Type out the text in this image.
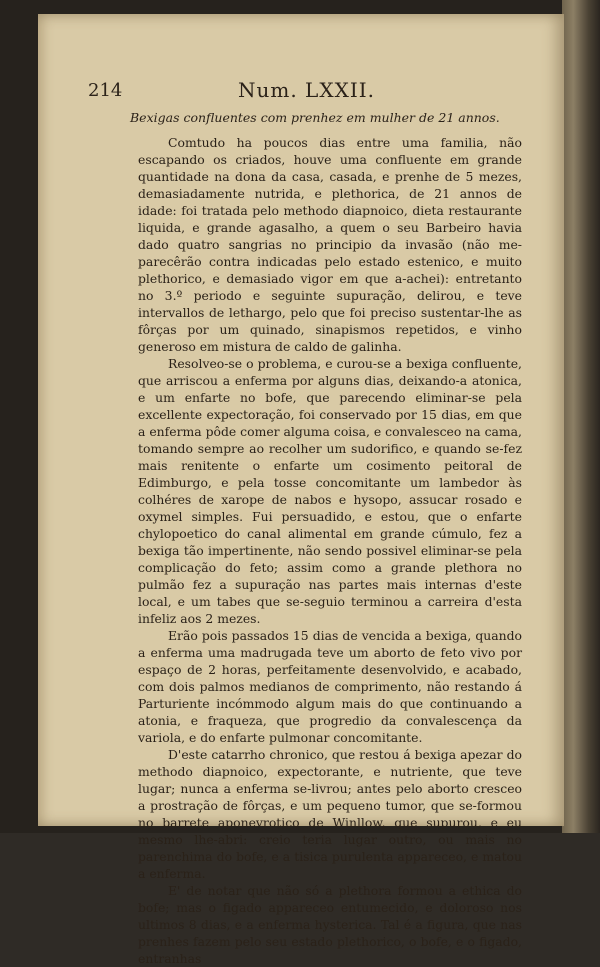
214	Num. LXXII.
Bexigas confluentes com prenhez em mulher de 21 annos.

Comtudo ha poucos dias entre uma familia, não escapando os criados, houve uma confluente em grande quantidade na dona da casa, casada, e prenhe de 5 mezes, demasiadamente nutrida, e plethorica, de 21 annos de idade: foi tratada pelo methodo diapnoico, dieta restaurante liquida, e grande agasalho, a quem o seu Barbeiro havia dado quatro sangrias no principio da invasão (não me-parecêrão contra indicadas pelo estado estenico, e muito plethorico, e demasiado vigor em que a-achei): entretanto no 3.º periodo e seguinte supuração, delirou, e teve intervallos de lethargo, pelo que foi preciso sustentar-lhe as fôrças por um quinado, sinapismos repetidos, e vinho generoso em mistura de caldo de galinha.

Resolveo-se o problema, e curou-se a bexiga confluente, que arriscou a enferma por alguns dias, deixando-a atonica, e um enfarte no bofe, que parecendo eliminar-se pela excellente expectoração, foi conservado por 15 dias, em que a enferma pôde comer alguma coisa, e convalesceo na cama, tomando sempre ao recolher um sudorifico, e quando se-fez mais renitente o enfarte um cosimento peitoral de Edimburgo, e pela tosse concomitante um lambedor às colhéres de xarope de nabos e hysopo, assucar rosado e oxymel simples. Fui persuadido, e estou, que o enfarte chylopoetico do canal alimental em grande cúmulo, fez a bexiga tão impertinente, não sendo possivel eliminar-se pela complicação do feto; assim como a grande plethora no pulmão fez a supuração nas partes mais internas d'este local, e um tabes que se-seguio terminou a carreira d'esta infeliz aos 2 mezes.

Erão pois passados 15 dias de vencida a bexiga, quando a enferma uma madrugada teve um aborto de feto vivo por espaço de 2 horas, perfeitamente desenvolvido, e acabado, com dois palmos medianos de comprimento, não restando á Parturiente incómmodo algum mais do que continuando a atonia, e fraqueza, que progredio da convalescença da variola, e do enfarte pulmonar concomitante.

D'este catarrho chronico, que restou á bexiga apezar do methodo diapnoico, expectorante, e nutriente, que teve lugar; nunca a enferma se-livrou; antes pelo aborto cresceo a prostração de fôrças, e um pequeno tumor, que se-formou no barrete aponevrotico de Winllow, que supurou, e eu mesmo lhe-abri: creio teria lugar outro, ou mais no parenchima do bofe, e a tisica purulenta appareceo, e matou a enferma.

E' de notar que não só a plethora formou a ethica do bofe; mas o figado appareceo entumecido, e doloroso nos ultimos 8 dias, e a enferma hysterica. Tal é a figura, que nas prenhes fazem pelo seu estado plethorico, o bofe, e o figado, entranhas
